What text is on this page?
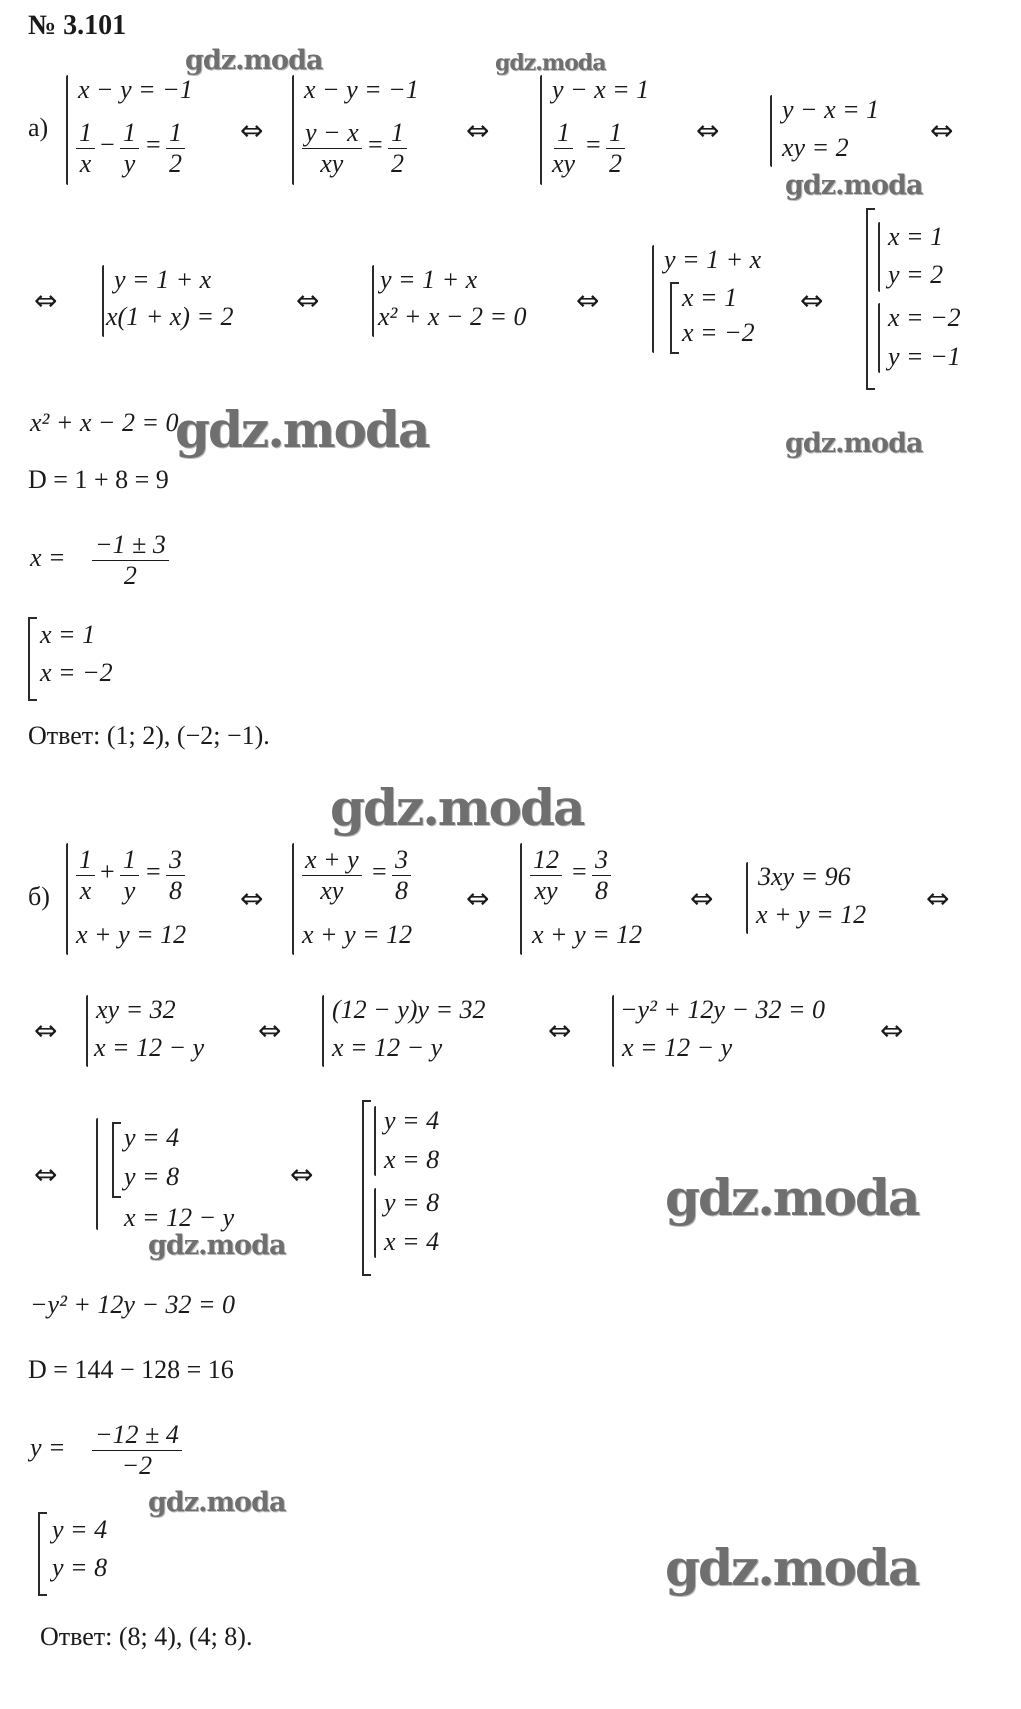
№ 3.101
gdz.moda	gdz.moda
gdz.moda
gdz.moda	gdz.moda
gdz.moda
gdz.moda
gdz.moda
gdz.moda
gdz.moda
а)
x − y = −1
$\frac{1}{x} - \frac{1}{y} = \frac{1}{2}$ ⇔
x − y = −1
$\frac{y - x}{xy} = \frac{1}{2}$ ⇔
y − x = 1
$\frac{1}{xy} = \frac{1}{2}$	⇔
y − x = 1
xy = 2
⇔
⇔
y = 1 + x
x(1 + x) = 2 ⇔
y = 1 + x
x² + x − 2 = 0 ⇔
y = 1 + x
x = 1
x = −2
⇔
x = 1
y = 2
x = −2
y = −1
x² + x − 2 = 0
D = 1 + 8 = 9
$x = \frac{-1 \pm 3}{2}$
x = 1
x = −2
Ответ: (1; 2), (−2; −1).
$б) \frac{1}{x} + \frac{1}{y} = \frac{3}{8}$
x + y = 12
⇔ $\frac{x + y}{xy} = \frac{3}{8}$
x + y = 12
⇔ $\frac{12}{xy} = \frac{3}{8}$
x + y = 12
⇔
3xy = 96
x + y = 12 ⇔
⇔
xy = 32
x = 12 − y
⇔
(12 − y)y = 32
x = 12 − y
⇔
−y² + 12y − 32 = 0
x = 12 − y
⇔
⇔
y = 4
y = 8
x = 12 − y
⇔
y = 4
x = 8
y = 8
x = 4
−y² + 12y − 32 = 0
D = 144 − 128 = 16
$y = \frac{-12 \pm 4}{-2}$
y = 4
y = 8
Ответ: (8; 4), (4; 8).
